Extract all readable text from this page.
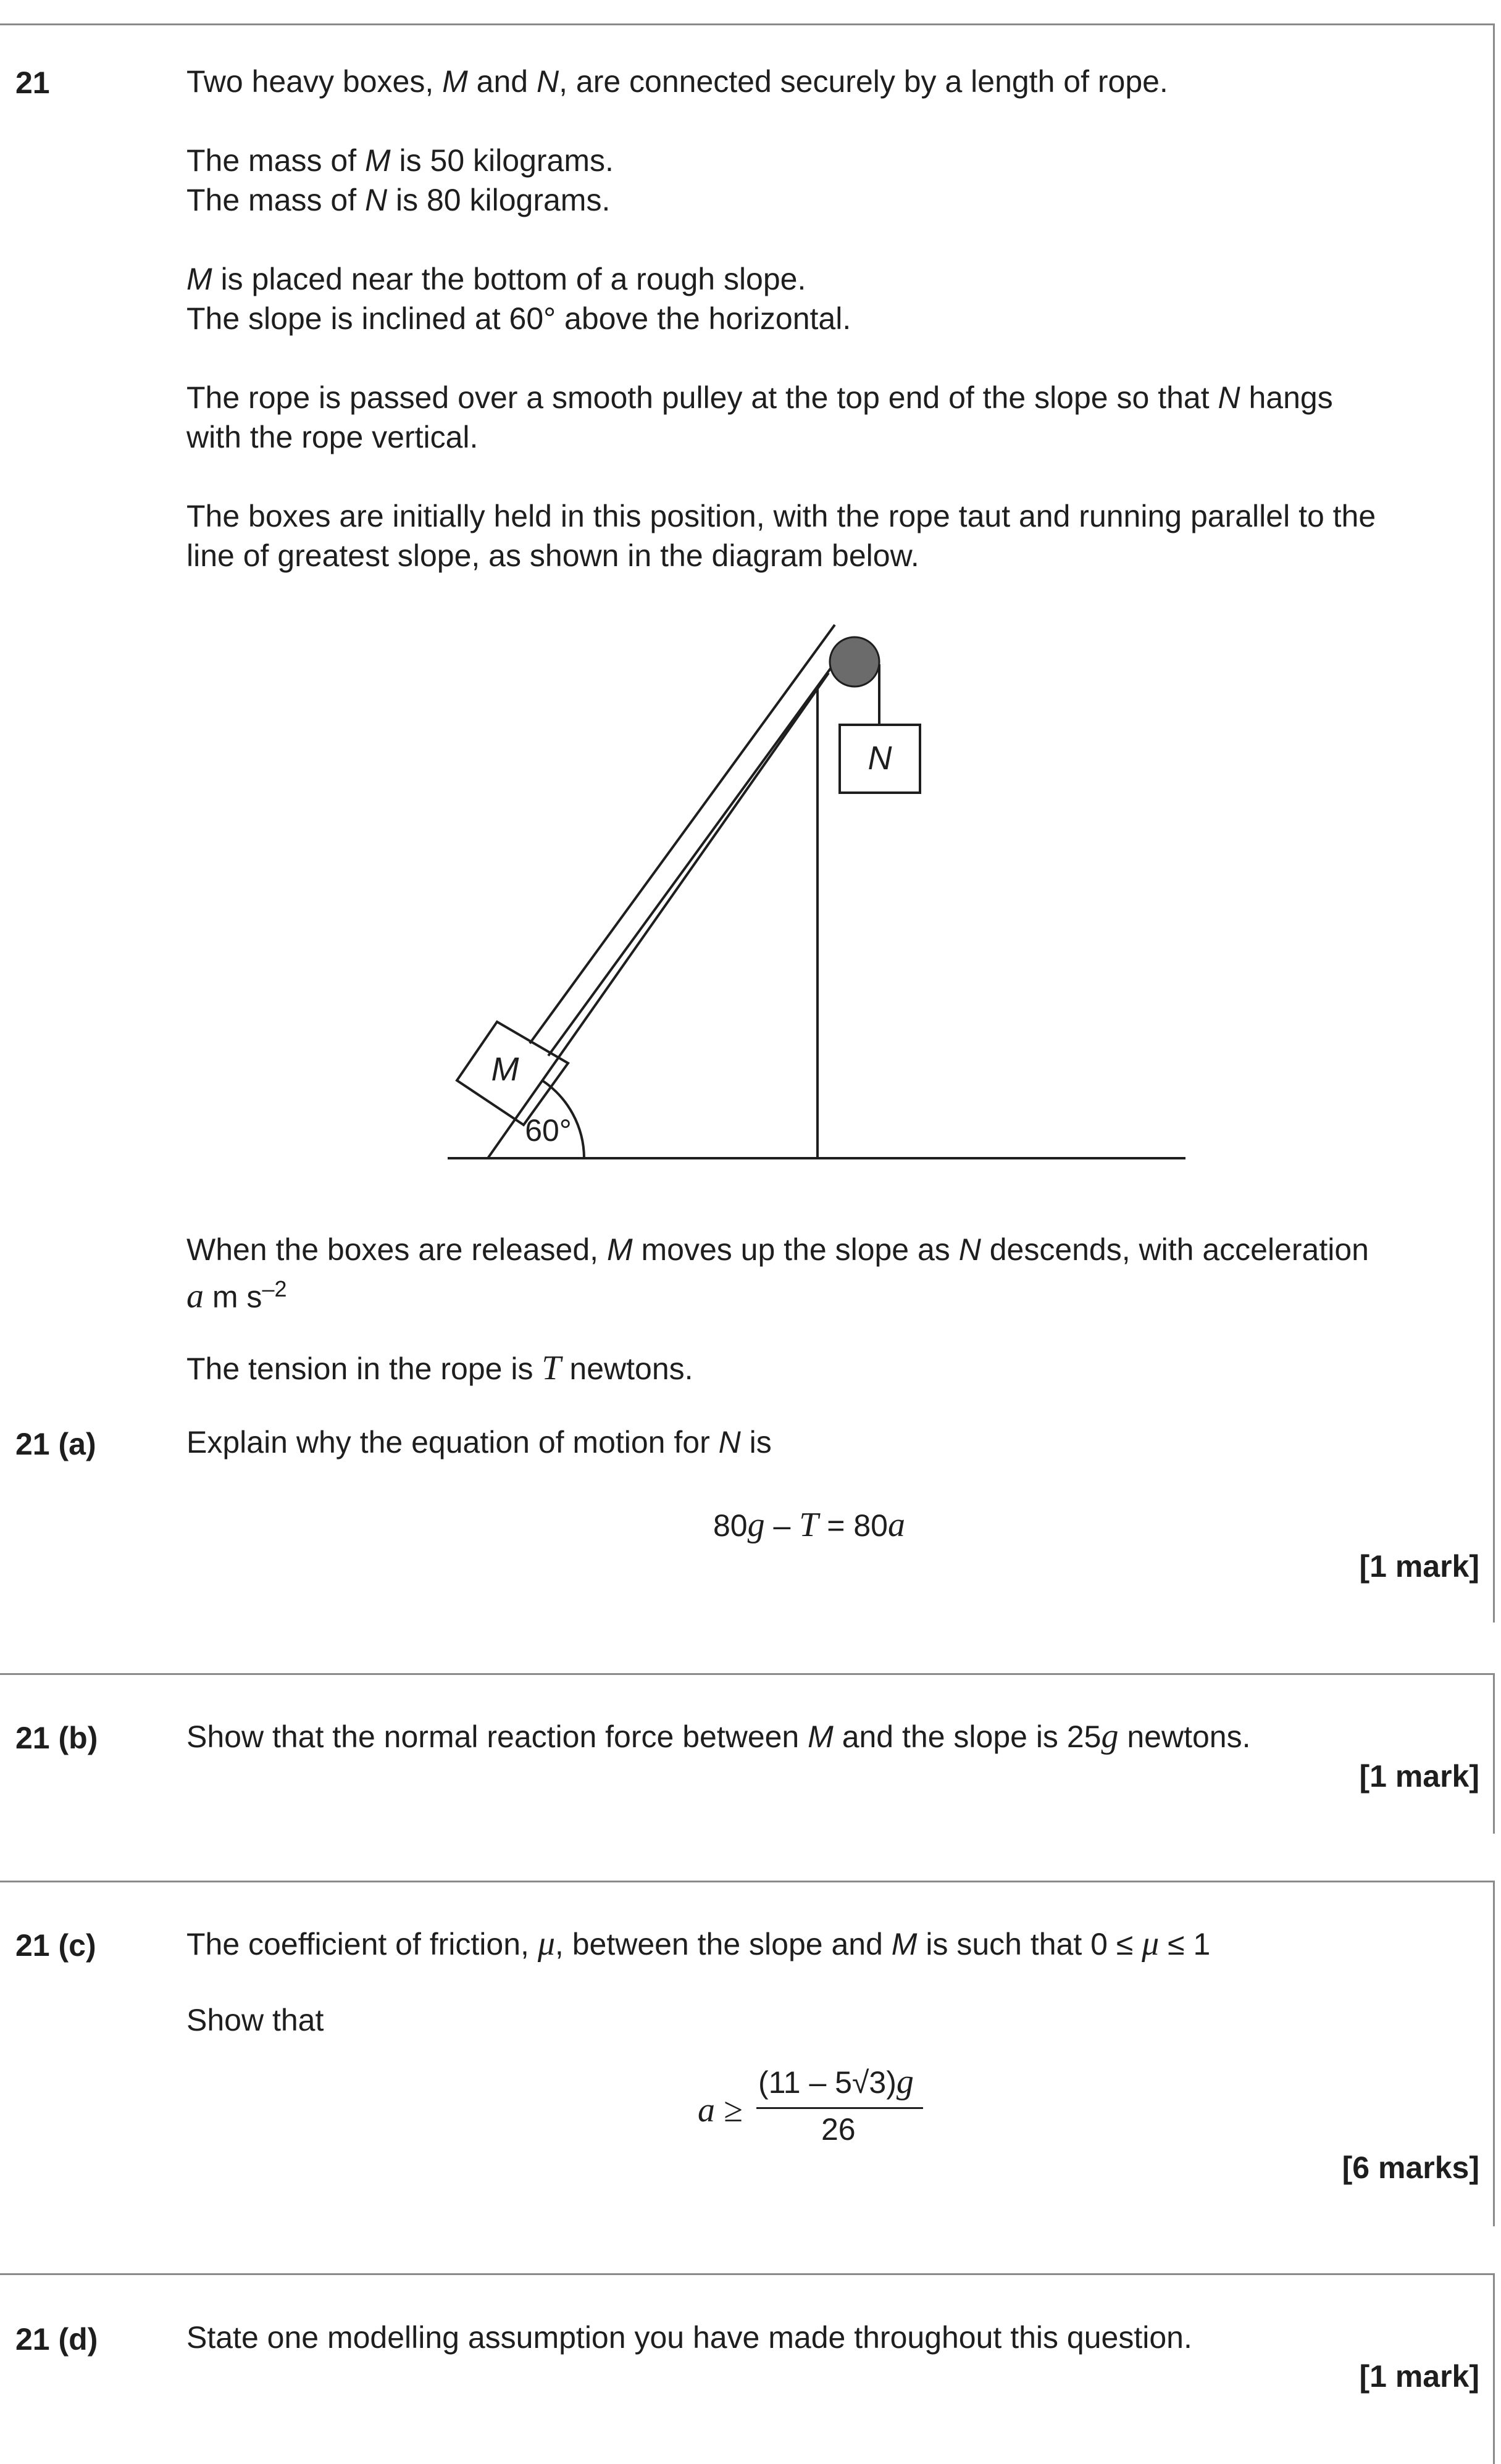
21	Two heavy boxes, M and N, are connected securely by a length of rope.
The mass of M is 50 kilograms.
The mass of N is 80 kilograms.
M is placed near the bottom of a rough slope.
The slope is inclined at 60° above the horizontal.
The rope is passed over a smooth pulley at the top end of the slope so that N hangs
with the rope vertical.
The boxes are initially held in this position, with the rope taut and running parallel to the
line of greatest slope, as shown in the diagram below.
M
N
60°
When the boxes are released, M moves up the slope as N descends, with acceleration
a m $s^{-2}$
The tension in the rope is T newtons.
21 (a)	Explain why the equation of motion for N is
80g – T = 80a
[1 mark]
21 (b)	Show that the normal reaction force between M and the slope is 25g newtons.
[1 mark]
21 (c)	The coefficient of friction, μ, between the slope and M is such that 0 ≤ μ ≤ 1
Show that
a ≥
(11 – 5√3)g
26
[6 marks]
21 (d)	State one modelling assumption you have made throughout this question.
[1 mark]
